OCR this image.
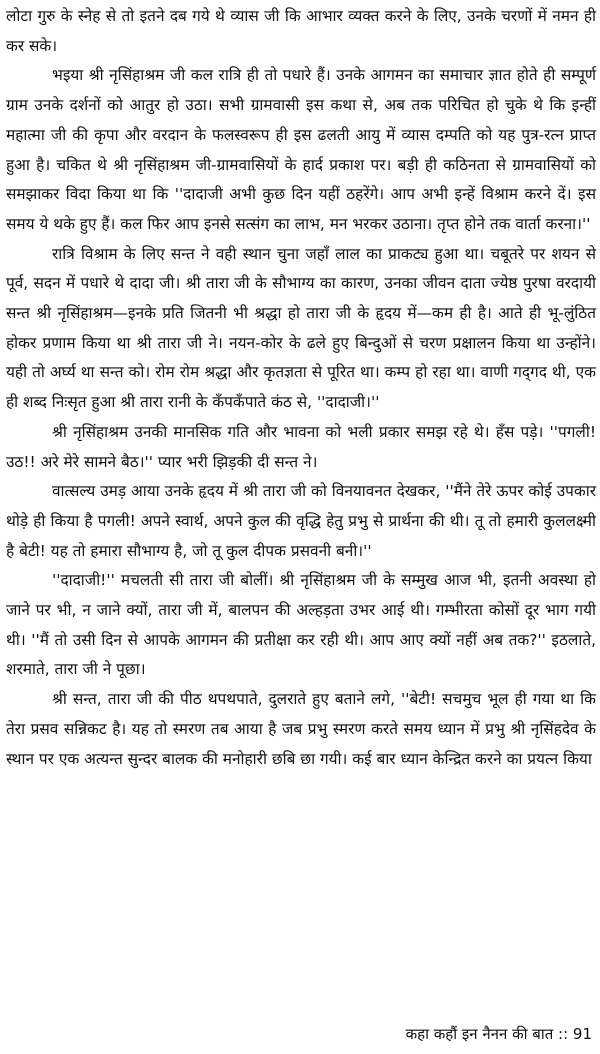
लोटा गुरु के स्नेह से तो इतने दब गये थे व्यास जी कि आभार व्यक्त करने के लिए, उनके चरणों में नमन ही कर सके।

भइया श्री नृसिंहाश्रम जी कल रात्रि ही तो पधारे हैं। उनके आगमन का समाचार ज्ञात होते ही सम्पूर्ण ग्राम उनके दर्शनों को आतुर हो उठा। सभी ग्रामवासी इस कथा से, अब तक परिचित हो चुके थे कि इन्हीं महात्मा जी की कृपा और वरदान के फलस्वरूप ही इस ढलती आयु में व्यास दम्पति को यह पुत्र-रत्न प्राप्त हुआ है। चकित थे श्री नृसिंहाश्रम जी-ग्रामवासियों के हार्द प्रकाश पर। बड़ी ही कठिनता से ग्रामवासियों को समझाकर विदा किया था कि ''दादाजी अभी कुछ दिन यहीं ठहरेंगे। आप अभी इन्हें विश्राम करने दें। इस समय ये थके हुए हैं। कल फिर आप इनसे सत्संग का लाभ, मन भरकर उठाना। तृप्त होने तक वार्ता करना।''

रात्रि विश्राम के लिए सन्त ने वही स्थान चुना जहाँ लाल का प्राकट्य हुआ था। चबूतरे पर शयन से पूर्व, सदन में पधारे थे दादा जी। श्री तारा जी के सौभाग्य का कारण, उनका जीवन दाता ज्येष्ठ पुरषा वरदायी सन्त श्री नृसिंहाश्रम—इनके प्रति जितनी भी श्रद्धा हो तारा जी के हृदय में—कम ही है। आते ही भू-लुंठित होकर प्रणाम किया था श्री तारा जी ने। नयन-कोर के ढले हुए बिन्दुओं से चरण प्रक्षालन किया था उन्होंने। यही तो अर्घ्य था सन्त को। रोम रोम श्रद्धा और कृतज्ञता से पूरित था। कम्प हो रहा था। वाणी गद्‌गद थी, एक ही शब्द निःसृत हुआ श्री तारा रानी के कँपकँपाते कंठ से, ''दादाजी।''

श्री नृसिंहाश्रम उनकी मानसिक गति और भावना को भली प्रकार समझ रहे थे। हँस पड़े। ''पगली! उठ!! अरे मेरे सामने बैठ।'' प्यार भरी झिड़की दी सन्त ने।

वात्सल्य उमड़ आया उनके हृदय में श्री तारा जी को विनयावनत देखकर, ''मैंने तेरे ऊपर कोई उपकार थोड़े ही किया है पगली! अपने स्वार्थ, अपने कुल की वृद्धि हेतु प्रभु से प्रार्थना की थी। तू तो हमारी कुललक्ष्मी है बेटी! यह तो हमारा सौभाग्य है, जो तू कुल दीपक प्रसवनी बनी।''

''दादाजी!'' मचलती सी तारा जी बोलीं। श्री नृसिंहाश्रम जी के सम्मुख आज भी, इतनी अवस्था हो जाने पर भी, न जाने क्यों, तारा जी में, बालपन की अल्हड़ता उभर आई थी। गम्भीरता कोसों दूर भाग गयी थी। ''मैं तो उसी दिन से आपके आगमन की प्रतीक्षा कर रही थी। आप आए क्यों नहीं अब तक?'' इठलाते, शरमाते, तारा जी ने पूछा।

श्री सन्त, तारा जी की पीठ थपथपाते, दुलराते हुए बताने लगे, ''बेटी! सचमुच भूल ही गया था कि तेरा प्रसव सन्निकट है। यह तो स्मरण तब आया है जब प्रभु स्मरण करते समय ध्यान में प्रभु श्री नृसिंहदेव के स्थान पर एक अत्यन्त सुन्दर बालक की मनोहारी छबि छा गयी। कई बार ध्यान केन्द्रित करने का प्रयत्न किया

कहा कहौं इन नैनन की बात :: 91
